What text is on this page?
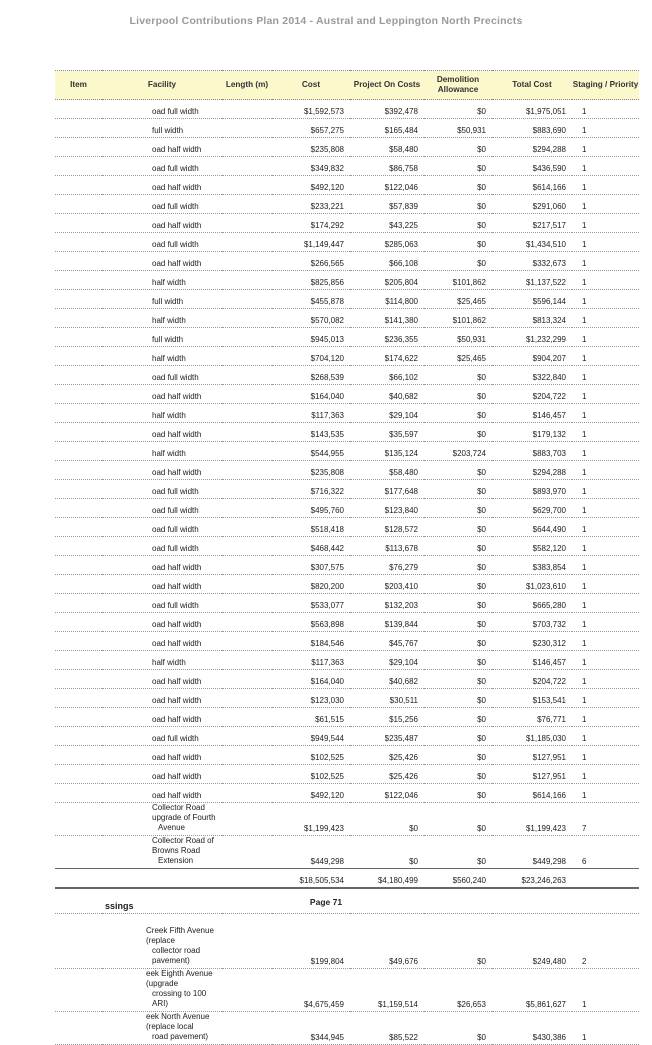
Liverpool Contributions Plan 2014 - Austral and Leppington North Precincts
Item	Facility	Length (m)	Cost	Project On Costs	Demolition Allowance	Total Cost	Staging / Priority
	oad full width		$1,592,573	$392,478	$0	$1,975,051	1
	full width		$657,275	$165,484	$50,931	$883,690	1
	oad half width		$235,808	$58,480	$0	$294,288	1
	oad full width		$349,832	$86,758	$0	$436,590	1
	oad half width		$492,120	$122,046	$0	$614,166	1
	oad full width		$233,221	$57,839	$0	$291,060	1
	oad half width		$174,292	$43,225	$0	$217,517	1
	oad full width		$1,149,447	$285,063	$0	$1,434,510	1
	oad half width		$266,565	$66,108	$0	$332,673	1
	half width		$825,856	$205,804	$101,862	$1,137,522	1
	full width		$455,878	$114,800	$25,465	$596,144	1
	half width		$570,082	$141,380	$101,862	$813,324	1
	full width		$945,013	$236,355	$50,931	$1,232,299	1
	half width		$704,120	$174,622	$25,465	$904,207	1
	oad full width		$268,539	$66,102	$0	$322,840	1
	oad half width		$164,040	$40,682	$0	$204,722	1
	half width		$117,363	$29,104	$0	$146,457	1
	oad half width		$143,535	$35,597	$0	$179,132	1
	half width		$544,955	$135,124	$203,724	$883,703	1
	oad half width		$235,808	$58,480	$0	$294,288	1
	oad full width		$716,322	$177,648	$0	$893,970	1
	oad full width		$495,760	$123,840	$0	$629,700	1
	oad full width		$518,418	$128,572	$0	$644,490	1
	oad full width		$468,442	$113,678	$0	$582,120	1
	oad half width		$307,575	$76,279	$0	$383,854	1
	oad half width		$820,200	$203,410	$0	$1,023,610	1
	oad full width		$533,077	$132,203	$0	$665,280	1
	oad half width		$563,898	$139,844	$0	$703,732	1
	oad half width		$184,546	$45,767	$0	$230,312	1
	half width		$117,363	$29,104	$0	$146,457	1
	oad half width		$164,040	$40,682	$0	$204,722	1
	oad half width		$123,030	$30,511	$0	$153,541	1
	oad half width		$61,515	$15,256	$0	$76,771	1
	oad full width		$949,544	$235,487	$0	$1,185,030	1
	oad half width		$102,525	$25,426	$0	$127,951	1
	oad half width		$102,525	$25,426	$0	$127,951	1
	oad half width		$492,120	$122,046	$0	$614,166	1

	Collector Road upgrade of Fourth
Avenue		$1,199,423	$0	$0	$1,199,423	7

	Collector Road of Browns Road
Extension		$449,298	$0	$0	$449,298	6
			$18,505,534	$4,180,499	$560,240	$23,246,263	
ssings							

	Creek Fifth Avenue (replace
collector road pavement)		$199,804	$49,676	$0	$249,480	2

	eek Eighth Avenue (upgrade
crossing to 100 ARI)		$4,675,459	$1,159,514	$26,653	$5,861,627	1

	eek North Avenue (replace local
road pavement)		$344,945	$85,522	$0	$430,386	1
Page 71
